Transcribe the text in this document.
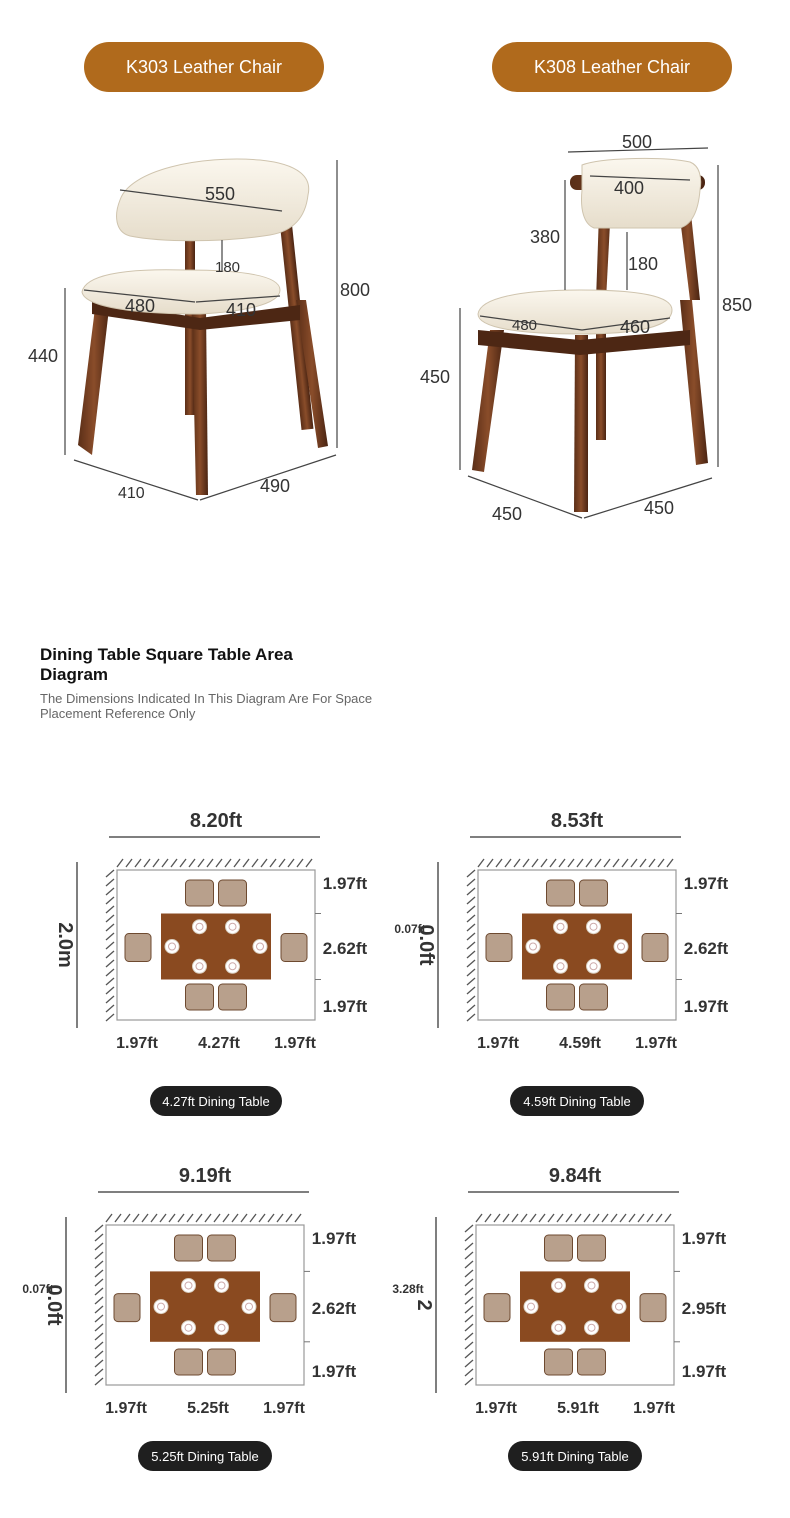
K303 Leather Chair	K308 Leather Chair
550
180
800
440
480	410
410	490
500
400
380
180
850
450
480	460
450	450
Dining Table Square Table Area Diagram
The Dimensions Indicated In This Diagram Are For Space Placement Reference Only
8.20ft
2.0m
1.97ft
2.62ft
1.97ft
1.97ft	4.27ft 1.97ft
8.53ft
0.0ft
0.07ft
1.97ft
2.62ft
1.97ft
1.97ft	4.59ft 1.97ft
9.19ft
0.0ft
0.07ft
1.97ft
2.62ft
1.97ft
1.97ft	5.25ft 1.97ft
9.84ft
2
3.28ft
1.97ft
2.95ft
1.97ft
1.97ft	5.91ft 1.97ft
4.27ft Dining Table	4.59ft Dining Table
5.25ft Dining Table	5.91ft Dining Table
